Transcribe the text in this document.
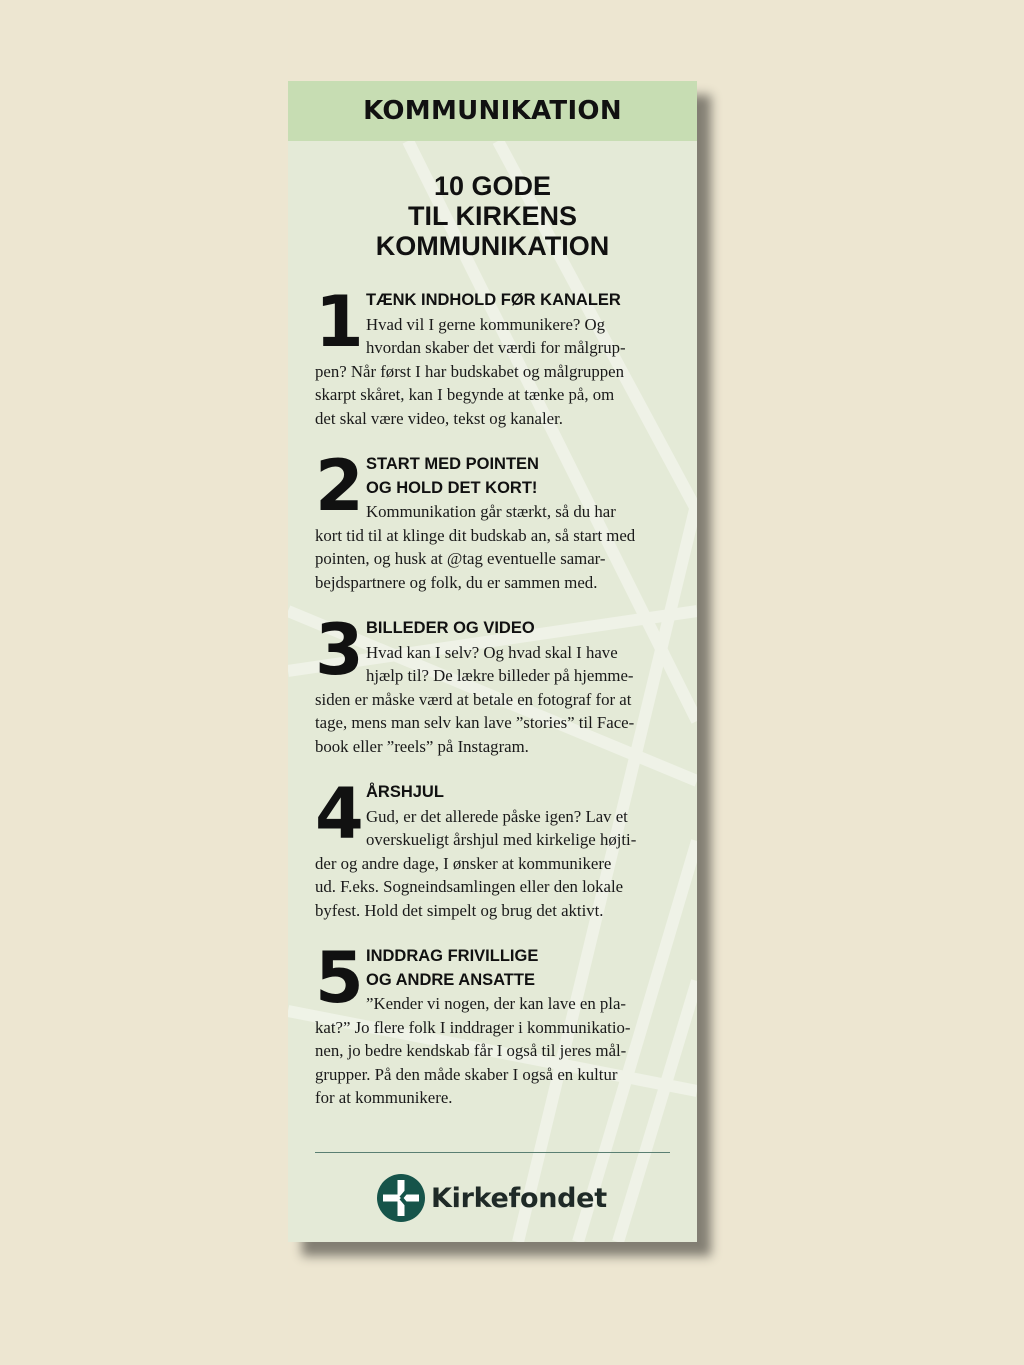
KOMMUNIKATION
10 GODE
TIL KIRKENS
KOMMUNIKATION
1 TÆNK INDHOLD FØR KANALER
Hvad vil I gerne kommunikere? Og
hvordan skaber det værdi for målgrup-
pen? Når først I har budskabet og målgruppen
skarpt skåret, kan I begynde at tænke på, om
det skal være video, tekst og kanaler.
2 START MED POINTEN
OG HOLD DET KORT!
Kommunikation går stærkt, så du har
kort tid til at klinge dit budskab an, så start med
pointen, og husk at @tag eventuelle samar-
bejdspartnere og folk, du er sammen med.
3 BILLEDER OG VIDEO
Hvad kan I selv? Og hvad skal I have
hjælp til? De lækre billeder på hjemme-
siden er måske værd at betale en fotograf for at
tage, mens man selv kan lave ”stories” til Face-
book eller ”reels” på Instagram.
4 ÅRSHJUL
Gud, er det allerede påske igen? Lav et
overskueligt årshjul med kirkelige højti-
der og andre dage, I ønsker at kommunikere
ud. F.eks. Sogneindsamlingen eller den lokale
byfest. Hold det simpelt og brug det aktivt.
5 INDDRAG FRIVILLIGE
OG ANDRE ANSATTE
”Kender vi nogen, der kan lave en pla-
kat?” Jo flere folk I inddrager i kommunikatio-
nen, jo bedre kendskab får I også til jeres mål-
grupper. På den måde skaber I også en kultur
for at kommunikere.
Kirkefondet
